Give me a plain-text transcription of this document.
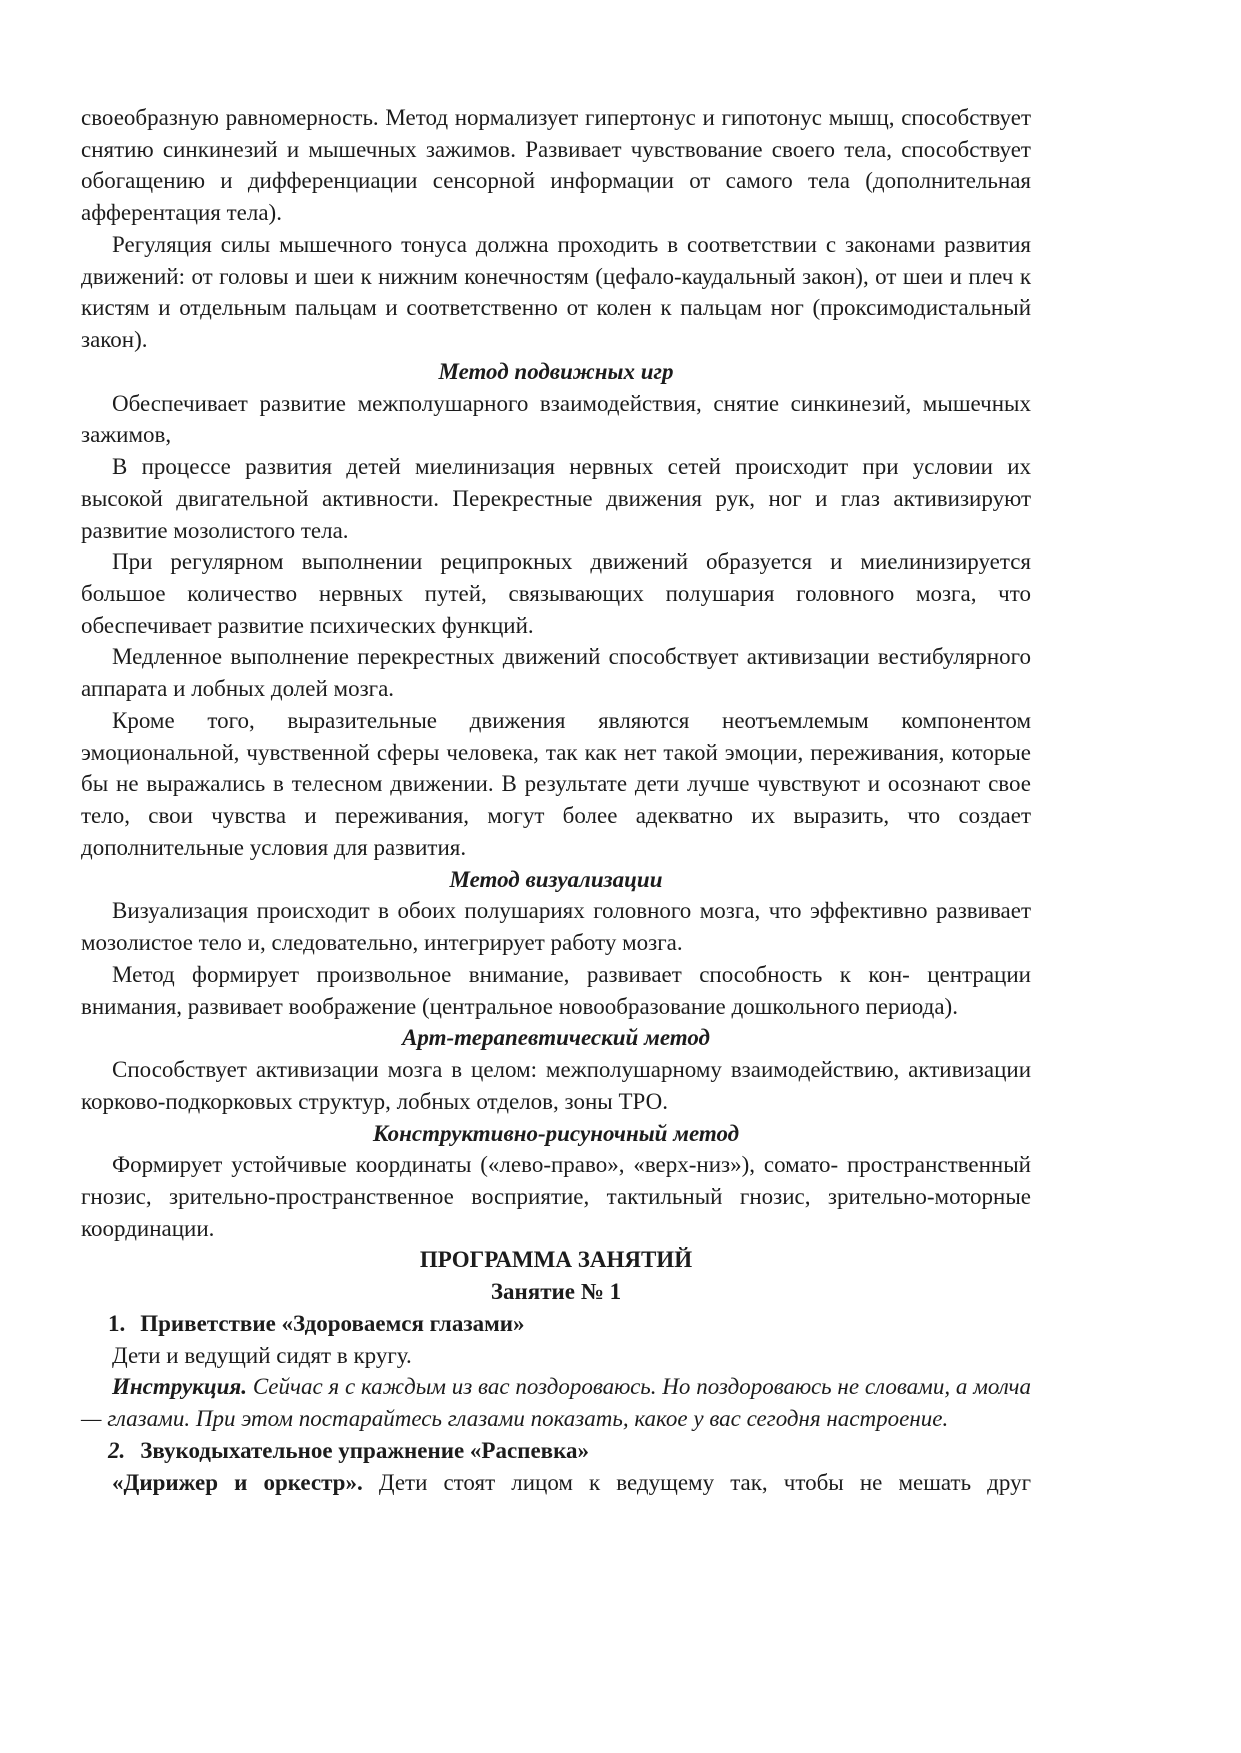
своеобразную равномерность. Метод нормализует гипертонус и гипотонус мышц, способствует снятию синкинезий и мышечных зажимов. Развивает чувствование своего тела, способствует обогащению и дифференциации сенсорной информации от самого тела (дополнительная афферентация тела).

Регуляция силы мышечного тонуса должна проходить в соответствии с законами развития движений: от головы и шеи к нижним конечностям (цефало-каудальный закон), от шеи и плеч к кистям и отдельным пальцам и соответственно от колен к пальцам ног (проксимодистальный закон).

Метод подвижных игр

Обеспечивает развитие межполушарного взаимодействия, снятие синкинезий, мышечных зажимов,

В процессе развития детей миелинизация нервных сетей происходит при условии их высокой двигательной активности. Перекрестные движения рук, ног и глаз активизируют развитие мозолистого тела.

При регулярном выполнении реципрокных движений образуется и миелинизируется большое количество нервных путей, связывающих полушария головного мозга, что обеспечивает развитие психических функций.

Медленное выполнение перекрестных движений способствует активизации вестибулярного аппарата и лобных долей мозга.

Кроме того, выразительные движения являются неотъемлемым компонентом эмоциональной, чувственной сферы человека, так как нет такой эмоции, переживания, которые бы не выражались в телесном движении. В результате дети лучше чувствуют и осознают свое тело, свои чувства и переживания, могут более адекватно их выразить, что создает дополнительные условия для развития.

Метод визуализации

Визуализация происходит в обоих полушариях головного мозга, что эффективно развивает мозолистое тело и, следовательно, интегрирует работу мозга.

Метод формирует произвольное внимание, развивает способность к кон- центрации внимания, развивает воображение (центральное новообразование дошкольного периода).

Арт-терапевтический метод

Способствует активизации мозга в целом: межполушарному взаимодействию, активизации корково-подкорковых структур, лобных отделов, зоны ТРО.

Конструктивно-рисуночный метод

Формирует устойчивые координаты («лево-право», «верх-низ»), сомато- пространственный гнозис, зрительно-пространственное восприятие, тактильный гнозис, зрительно-моторные координации.

ПРОГРАММА ЗАНЯТИЙ

Занятие № 1

1. Приветствие «Здороваемся глазами»

Дети и ведущий сидят в кругу.

Инструкция. Сейчас я с каждым из вас поздороваюсь. Но поздороваюсь не словами, а молча — глазами. При этом постарайтесь глазами показать, какое у вас сегодня настроение.

2. Звукодыхательное упражнение «Распевка»

«Дирижер и оркестр». Дети стоят лицом к ведущему так, чтобы не мешать друг
